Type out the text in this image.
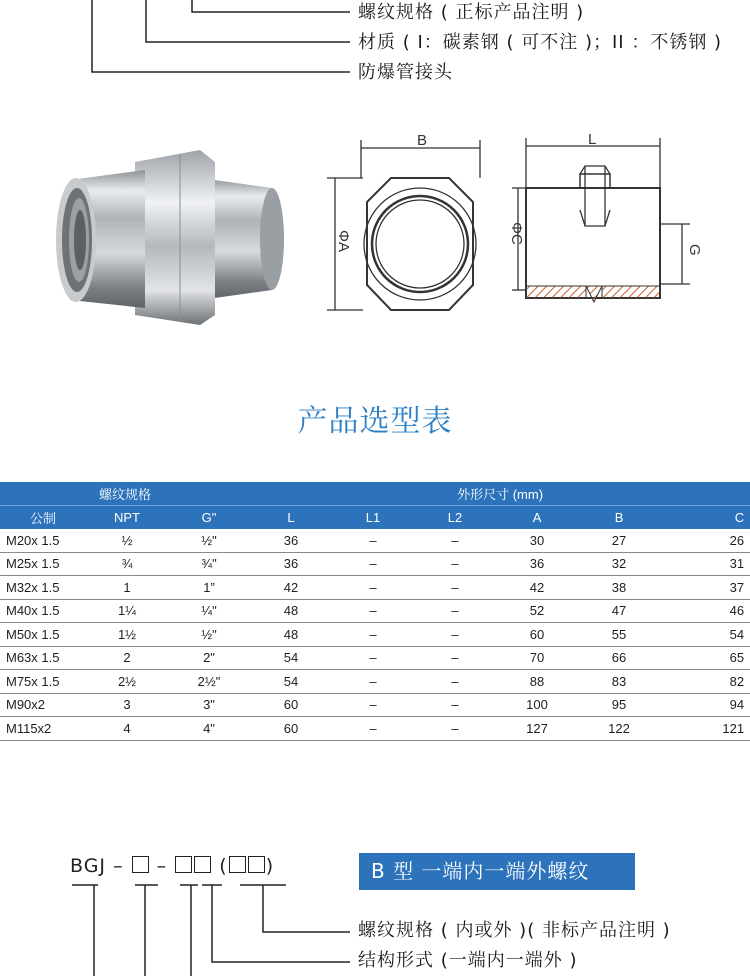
螺纹规格 ( 正标产品注明 )
材质 ( I：碳素钢 ( 可不注 )；II ：不锈钢 )
防爆管接头
B
ΦA
L
ΦC
G
产品选型表
螺纹规格			外形尺寸 (mm)					
公制	NPT	G"	L	L1	L2	A	B	C
M20x 1.5	½	½"	36	–	–	30	27	26
M25x 1.5	¾	¾"	36	–	–	36	32	31
M32x 1.5	1	1”	42	–	–	42	38	37
M40x 1.5	1¼	¼"	48	–	–	52	47	46
M50x 1.5	1½	½"	48	–	–	60	55	54
M63x 1.5	2	2"	54	–	–	70	66	65
M75x 1.5	2½	2½"	54	–	–	88	83	82
M90x2	3	3"	60	–	–	100	95	94
M115x2	4	4"	60	–	–	127	122	121
BGJ – –	( )	B 型 一端内一端外螺纹
螺纹规格 ( 内或外 )( 非标产品注明 )
结构形式 (一端内一端外 )
